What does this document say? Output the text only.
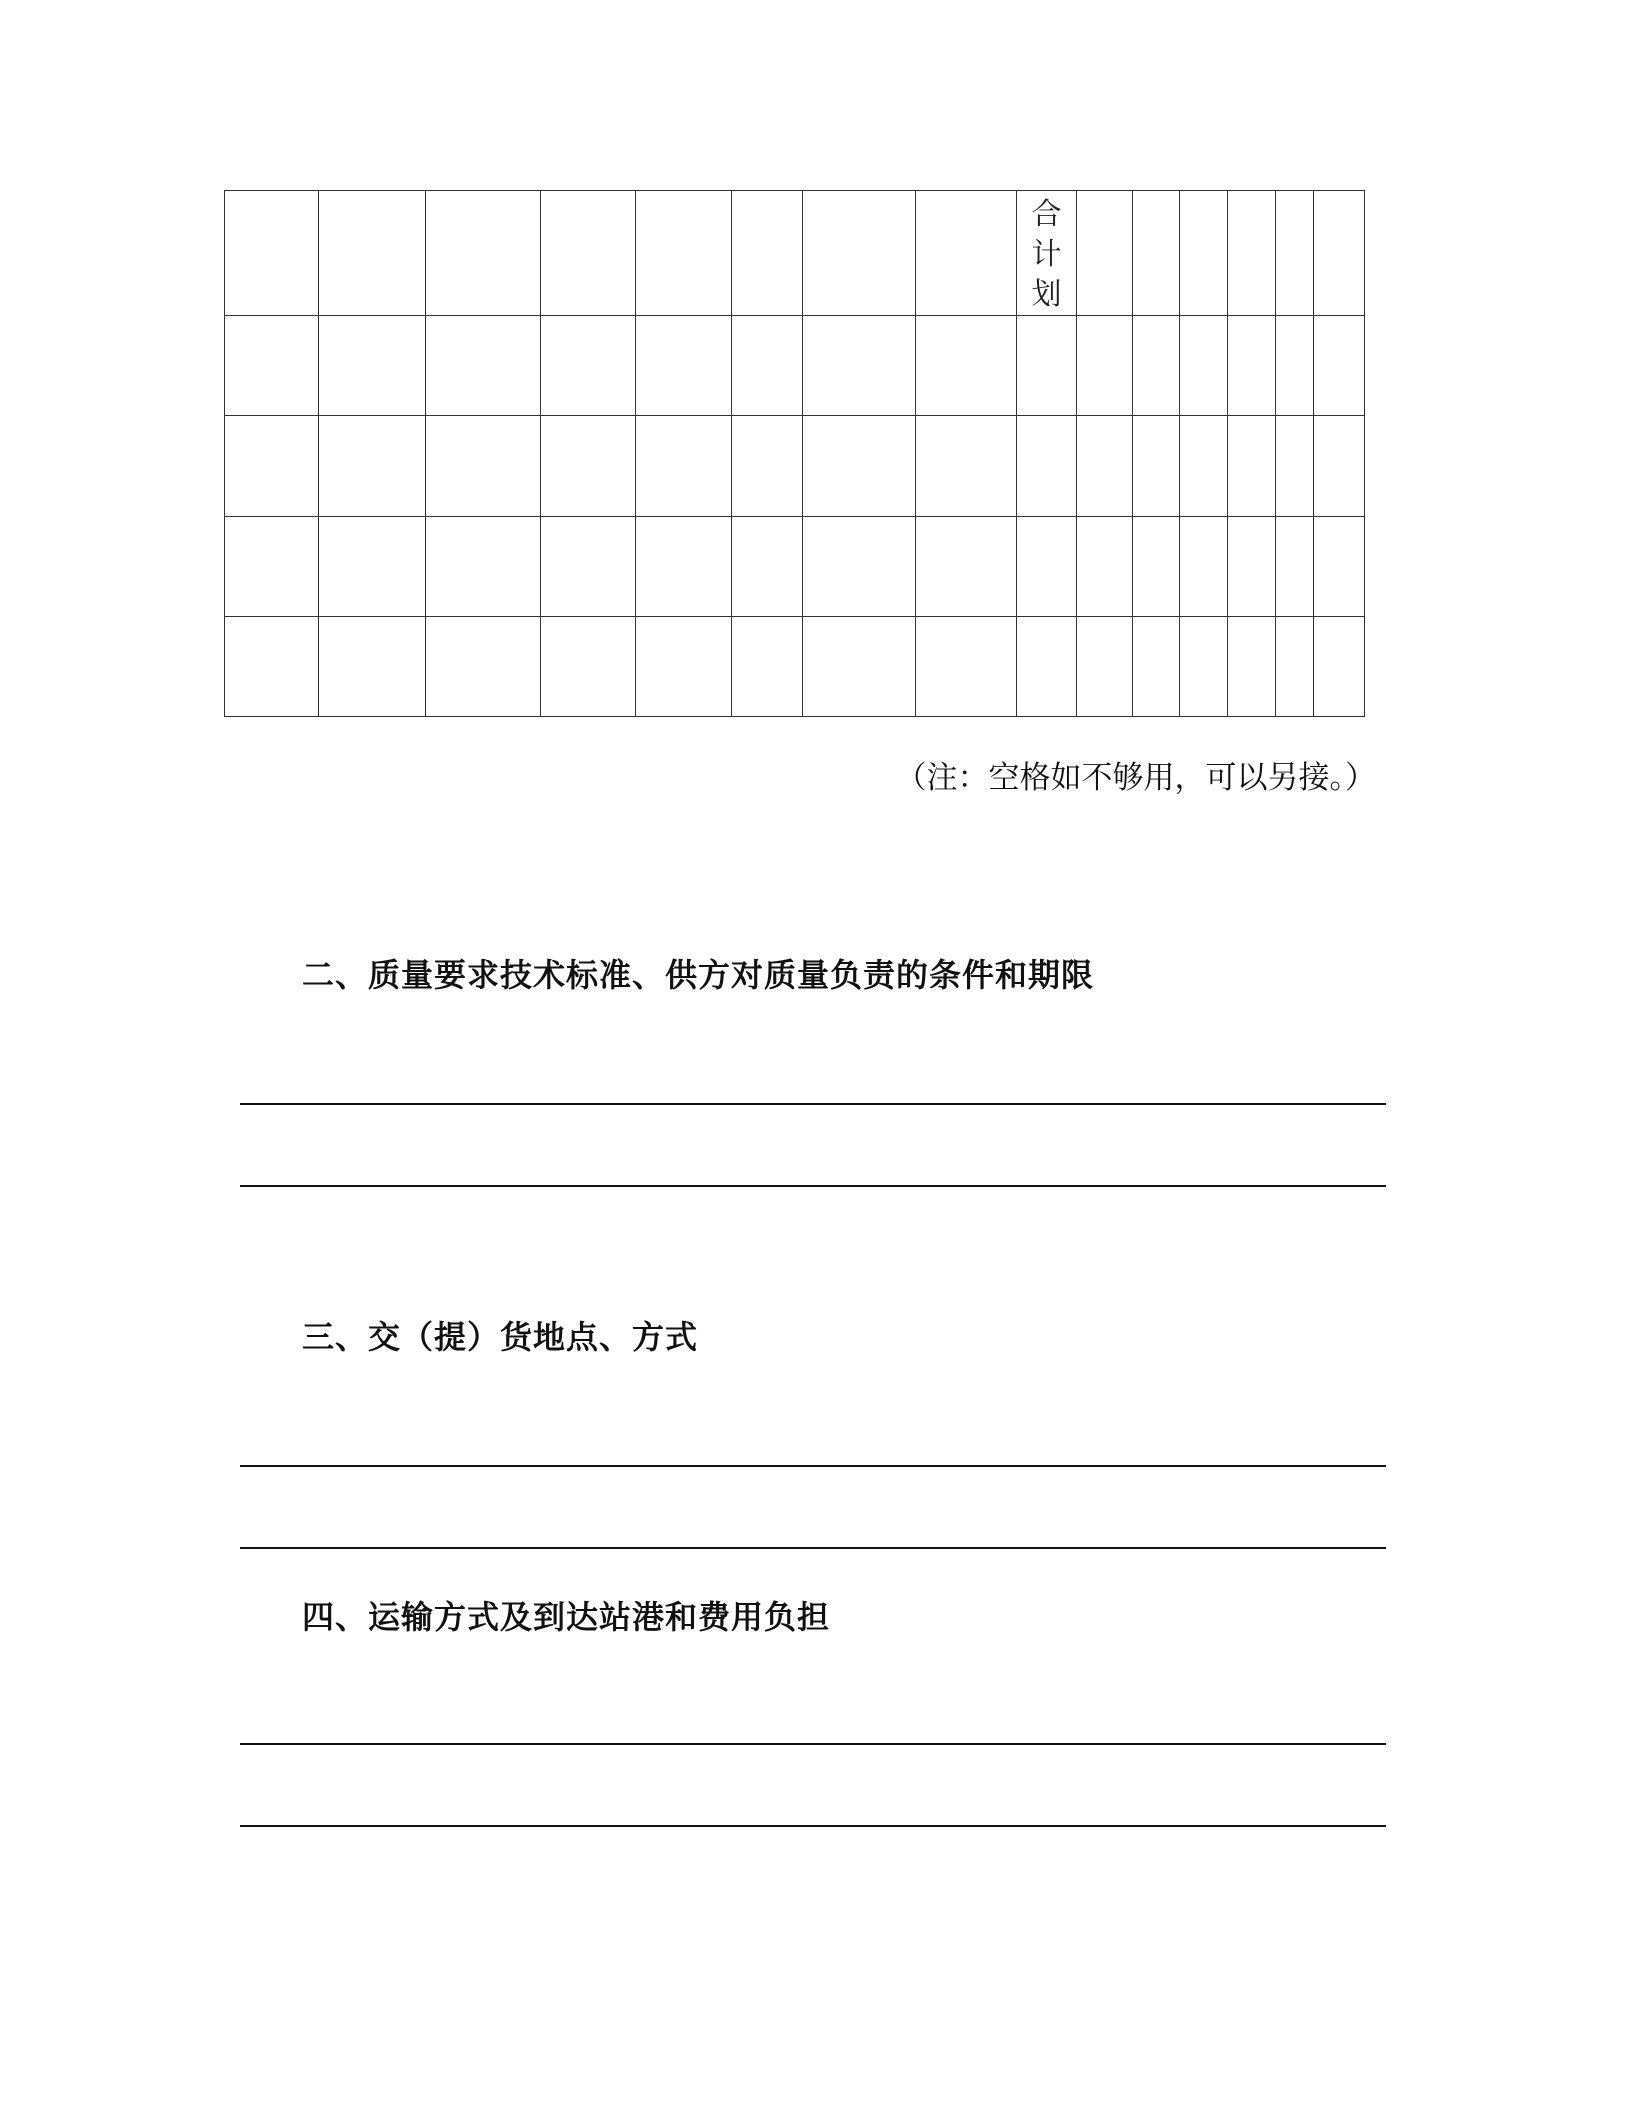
								合
计
划						

（注：空格如不够用，可以另接。）
二、质量要求技术标准、供方对质量负责的条件和期限
三、交（提）货地点、方式
四、运输方式及到达站港和费用负担
